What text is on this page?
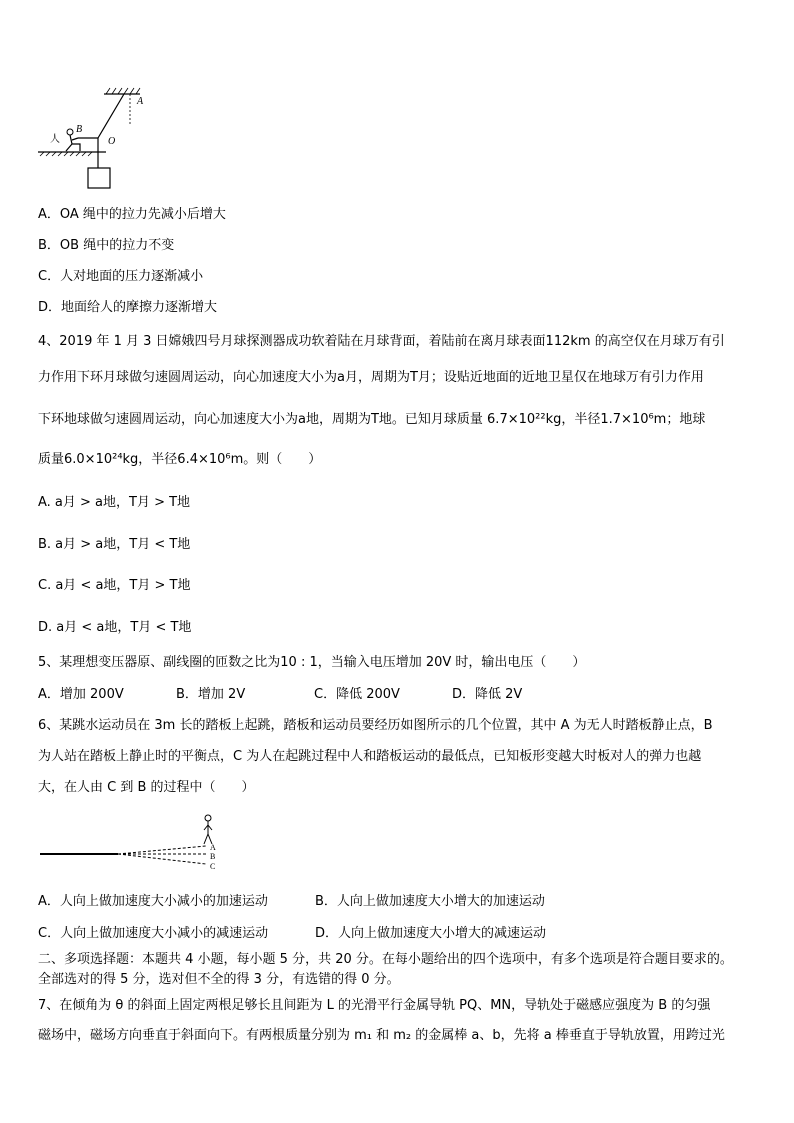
A
B
O
人
A．OA 绳中的拉力先减小后增大
B．OB 绳中的拉力不变
C．人对地面的压力逐渐减小
D．地面给人的摩擦力逐渐增大
4、2019 年 1 月 3 日嫦娥四号月球探测器成功软着陆在月球背面，着陆前在离月球表面112km 的高空仅在月球万有引
力作用下环月球做匀速圆周运动，向心加速度大小为a月，周期为T月；设贴近地面的近地卫星仅在地球万有引力作用
下环地球做匀速圆周运动，向心加速度大小为a地，周期为T地。已知月球质量 6.7×10²²kg，半径1.7×10⁶m；地球
质量6.0×10²⁴kg，半径6.4×10⁶m。则（　　）
A. a月 > a地，T月 > T地
B. a月 > a地，T月 < T地
C. a月 < a地，T月 > T地
D. a月 < a地，T月 < T地
5、某理想变压器原、副线圈的匝数之比为10 : 1，当输入电压增加 20V 时，输出电压（　　）
A．增加 200V	B．增加 2V	C．降低 200V	D．降低 2V
6、某跳水运动员在 3m 长的踏板上起跳，踏板和运动员要经历如图所示的几个位置，其中 A 为无人时踏板静止点，B
为人站在踏板上静止时的平衡点，C 为人在起跳过程中人和踏板运动的最低点，已知板形变越大时板对人的弹力也越
大，在人由 C 到 B 的过程中（　　）
A
B
C
A．人向上做加速度大小减小的加速运动	B．人向上做加速度大小增大的加速运动
C．人向上做加速度大小减小的减速运动	D．人向上做加速度大小增大的减速运动
二、多项选择题：本题共 4 小题，每小题 5 分，共 20 分。在每小题给出的四个选项中，有多个选项是符合题目要求的。
全部选对的得 5 分，选对但不全的得 3 分，有选错的得 0 分。
7、在倾角为 θ 的斜面上固定两根足够长且间距为 L 的光滑平行金属导轨 PQ、MN，导轨处于磁感应强度为 B 的匀强
磁场中，磁场方向垂直于斜面向下。有两根质量分别为 m₁ 和 m₂ 的金属棒 a、b，先将 a 棒垂直于导轨放置，用跨过光
